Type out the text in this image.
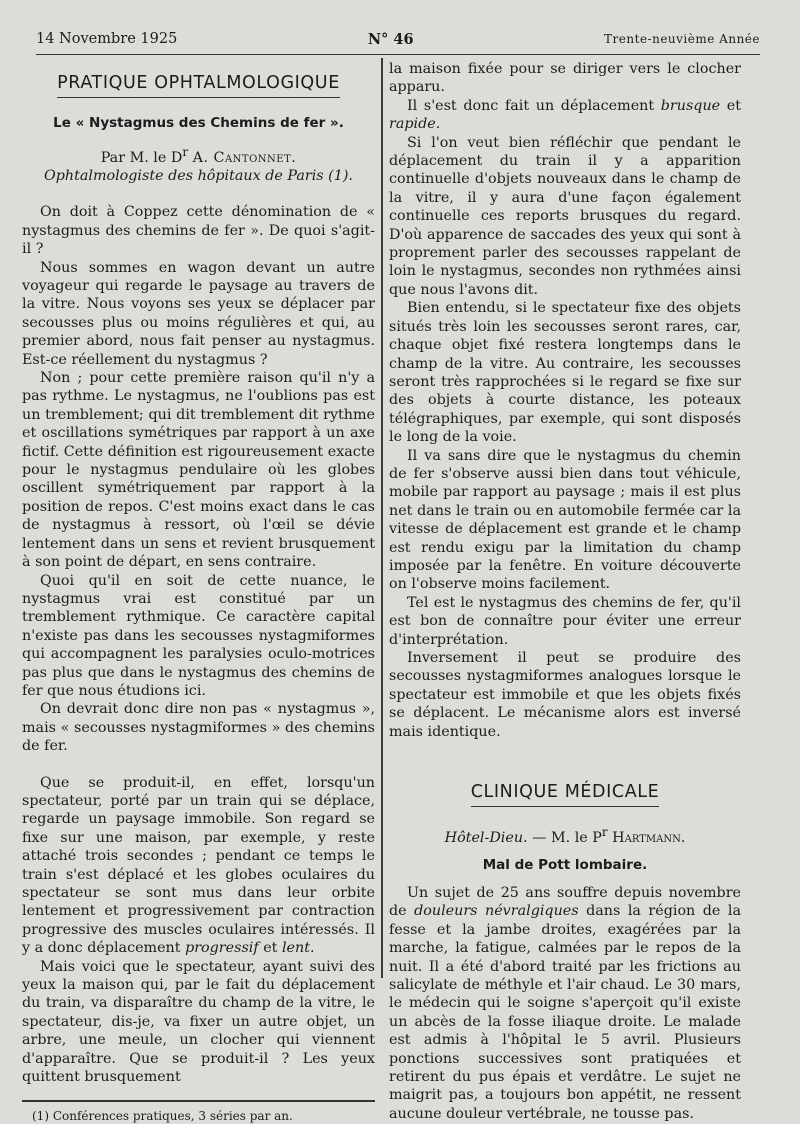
14 Novembre 1925	N° 46	Trente-neuvième Année
PRATIQUE OPHTALMOLOGIQUE

Le « Nystagmus des Chemins de fer ».

Par M. le $D^r$ A. Cantonnet.

Ophtalmologiste des hôpitaux de Paris (1).

On doit à Coppez cette dénomination de « nystagmus des chemins de fer ». De quoi s'agit-il ?

Nous sommes en wagon devant un autre voyageur qui regarde le paysage au travers de la vitre. Nous voyons ses yeux se déplacer par secousses plus ou moins régulières et qui, au premier abord, nous fait penser au nystagmus. Est-ce réellement du nystagmus ?

Non ; pour cette première raison qu'il n'y a pas rythme. Le nystagmus, ne l'oublions pas est un tremblement; qui dit tremblement dit rythme et oscillations symétriques par rapport à un axe fictif. Cette définition est rigoureusement exacte pour le nystagmus pendulaire où les globes oscillent symétriquement par rapport à la position de repos. C'est moins exact dans le cas de nystagmus à ressort, où l'œil se dévie lentement dans un sens et revient brusquement à son point de départ, en sens contraire.

Quoi qu'il en soit de cette nuance, le nystagmus vrai est constitué par un tremblement rythmique. Ce caractère capital n'existe pas dans les secousses nystagmiformes qui accompagnent les paralysies oculo-motrices pas plus que dans le nystagmus des chemins de fer que nous étudions ici.

On devrait donc dire non pas « nystagmus », mais « secousses nystagmiformes » des chemins de fer.

Que se produit-il, en effet, lorsqu'un spectateur, porté par un train qui se déplace, regarde un paysage immobile. Son regard se fixe sur une maison, par exemple, y reste attaché trois secondes ; pendant ce temps le train s'est déplacé et les globes oculaires du spectateur se sont mus dans leur orbite lentement et progressivement par contraction progressive des muscles oculaires intéressés. Il y a donc déplacement progressif et lent.

Mais voici que le spectateur, ayant suivi des yeux la maison qui, par le fait du déplacement du train, va disparaître du champ de la vitre, le spectateur, dis-je, va fixer un autre objet, un arbre, une meule, un clocher qui viennent d'apparaître. Que se produit-il ? Les yeux quittent brusquement

(1) Conférences pratiques, 3 séries par an.

la maison fixée pour se diriger vers le clocher apparu.

Il s'est donc fait un déplacement brusque et rapide.

Si l'on veut bien réfléchir que pendant le déplacement du train il y a apparition continuelle d'objets nouveaux dans le champ de la vitre, il y aura d'une façon également continuelle ces reports brusques du regard. D'où apparence de saccades des yeux qui sont à proprement parler des secousses rappelant de loin le nystagmus, secondes non rythmées ainsi que nous l'avons dit.

Bien entendu, si le spectateur fixe des objets situés très loin les secousses seront rares, car, chaque objet fixé restera longtemps dans le champ de la vitre. Au contraire, les secousses seront très rapprochées si le regard se fixe sur des objets à courte distance, les poteaux télégraphiques, par exemple, qui sont disposés le long de la voie.

Il va sans dire que le nystagmus du chemin de fer s'observe aussi bien dans tout véhicule, mobile par rapport au paysage ; mais il est plus net dans le train ou en automobile fermée car la vitesse de déplacement est grande et le champ est rendu exigu par la limitation du champ imposée par la fenêtre. En voiture découverte on l'observe moins facilement.

Tel est le nystagmus des chemins de fer, qu'il est bon de connaître pour éviter une erreur d'interprétation.

Inversement il peut se produire des secousses nystagmiformes analogues lorsque le spectateur est immobile et que les objets fixés se déplacent. Le mécanisme alors est inversé mais identique.

CLINIQUE MÉDICALE

Hôtel-Dieu. — M. le $P^r$ Hartmann.

Mal de Pott lombaire.

Un sujet de 25 ans souffre depuis novembre de douleurs névralgiques dans la région de la fesse et la jambe droites, exagérées par la marche, la fatigue, calmées par le repos de la nuit. Il a été d'abord traité par les frictions au salicylate de méthyle et l'air chaud. Le 30 mars, le médecin qui le soigne s'aperçoit qu'il existe un abcès de la fosse iliaque droite. Le malade est admis à l'hôpital le 5 avril. Plusieurs ponctions successives sont pratiquées et retirent du pus épais et verdâtre. Le sujet ne maigrit pas, a toujours bon appétit, ne ressent aucune douleur vertébrale, ne tousse pas.
